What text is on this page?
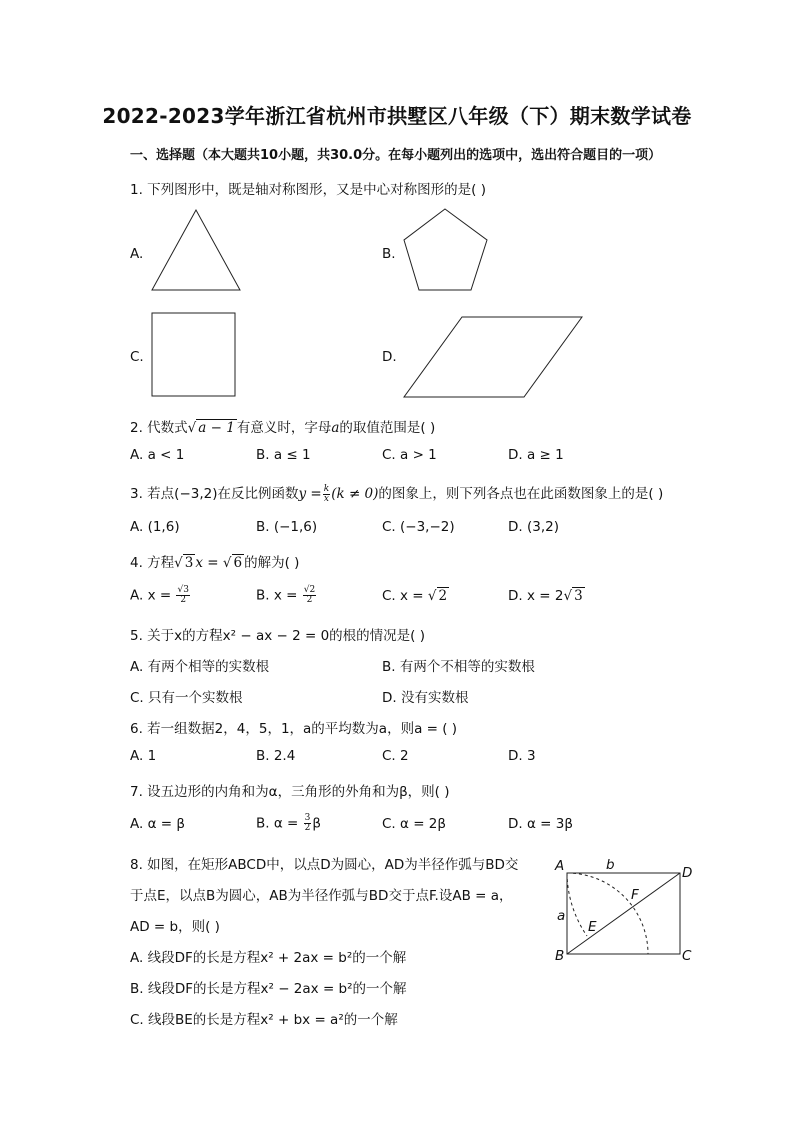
2022-2023学年浙江省杭州市拱墅区八年级（下）期末数学试卷
一、选择题（本大题共10小题，共30.0分。在每小题列出的选项中，选出符合题目的一项）
1. 下列图形中，既是轴对称图形，又是中心对称图形的是( )
A.	B.
C.	D.
2. 代数式√ a − 1 有意义时，字母a的取值范围是( )
A. a < 1	B. a ≤ 1	C. a > 1	D. a ≥ 1
3. 若点(−3,2)在反比例函数$y = \frac{k}{x} (k \ne 0)$的图象上，则下列各点也在此函数图象上的是( )
A. (1,6)	B. (−1,6)	C. (−3,−2)	D. (3,2)
4. 方程√ 3 x = √ 6 的解为( )
A. $x = \frac{√3}{2}$	B. $x = \frac{√2}{2}$	C. x = √ 2	D. x = 2√ 3
5. 关于x的方程x² − ax − 2 = 0的根的情况是( )
A. 有两个相等的实数根	B. 有两个不相等的实数根
C. 只有一个实数根	D. 没有实数根
6. 若一组数据2，4，5，1，a的平均数为a，则a = ( )
A. 1	B. 2.4	C. 2	D. 3
7. 设五边形的内角和为α，三角形的外角和为β，则( )
A. α = β	B. $\alpha = \frac{3}{2}$ β	C. α = 2β	D. α = 3β
8. 如图，在矩形ABCD中，以点D为圆心，AD为半径作弧与BD交
于点E，以点B为圆心，AB为半径作弧与BD交于点F.设AB = a，
AD = b，则( )
A. 线段DF的长是方程x² + 2ax = b²的一个解
B. 线段DF的长是方程x² − 2ax = b²的一个解
C. 线段BE的长是方程x² + bx = a²的一个解
A
B	C
D
E
F
a
b
